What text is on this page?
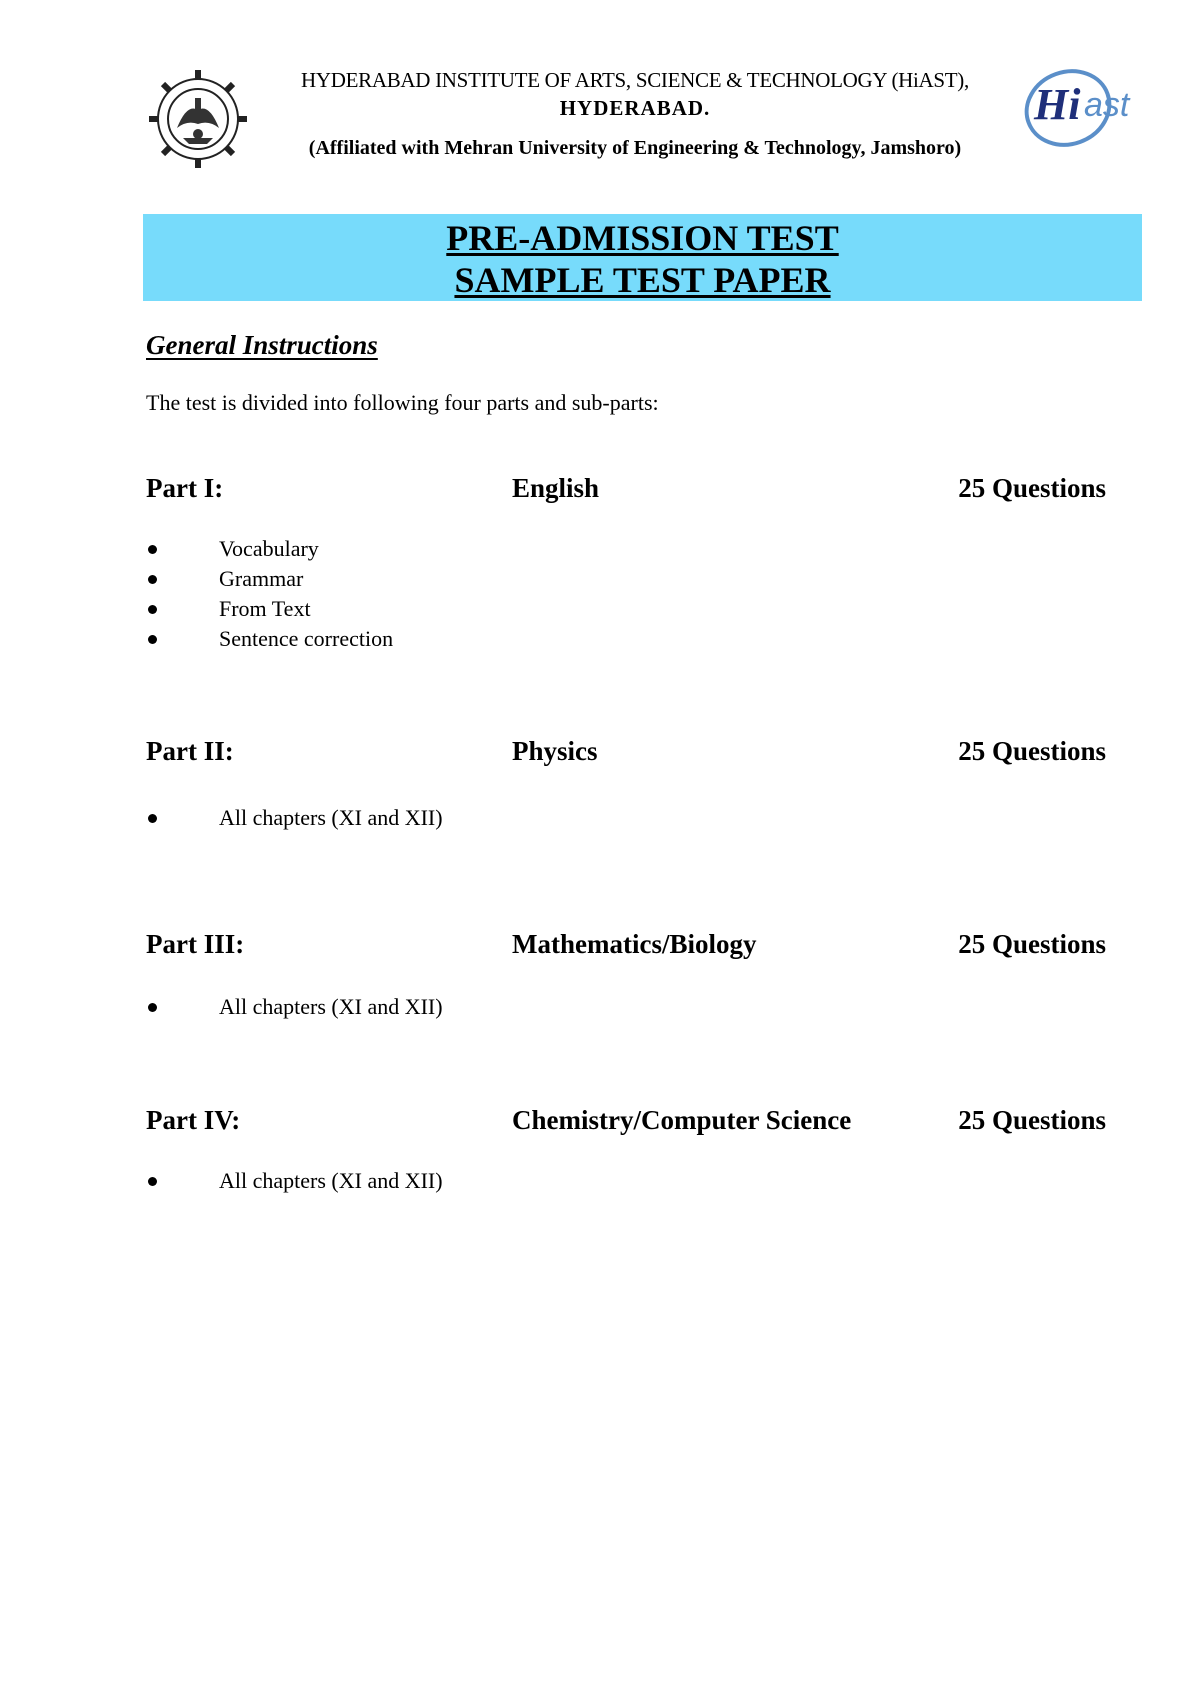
HYDERABAD INSTITUTE OF ARTS, SCIENCE & TECHNOLOGY (HiAST),
HYDERABAD.
(Affiliated with Mehran University of Engineering & Technology, Jamshoro)
Hi ast
PRE-ADMISSION TEST
SAMPLE TEST PAPER
General Instructions
The test is divided into following four parts and sub-parts:
Part I:	English	25 Questions
Vocabulary
Grammar
From Text
Sentence correction
Part II:	Physics	25 Questions
All chapters (XI and XII)
Part III:	Mathematics/Biology	25 Questions
All chapters (XI and XII)
Part IV:	Chemistry/Computer Science	25 Questions
All chapters (XI and XII)
